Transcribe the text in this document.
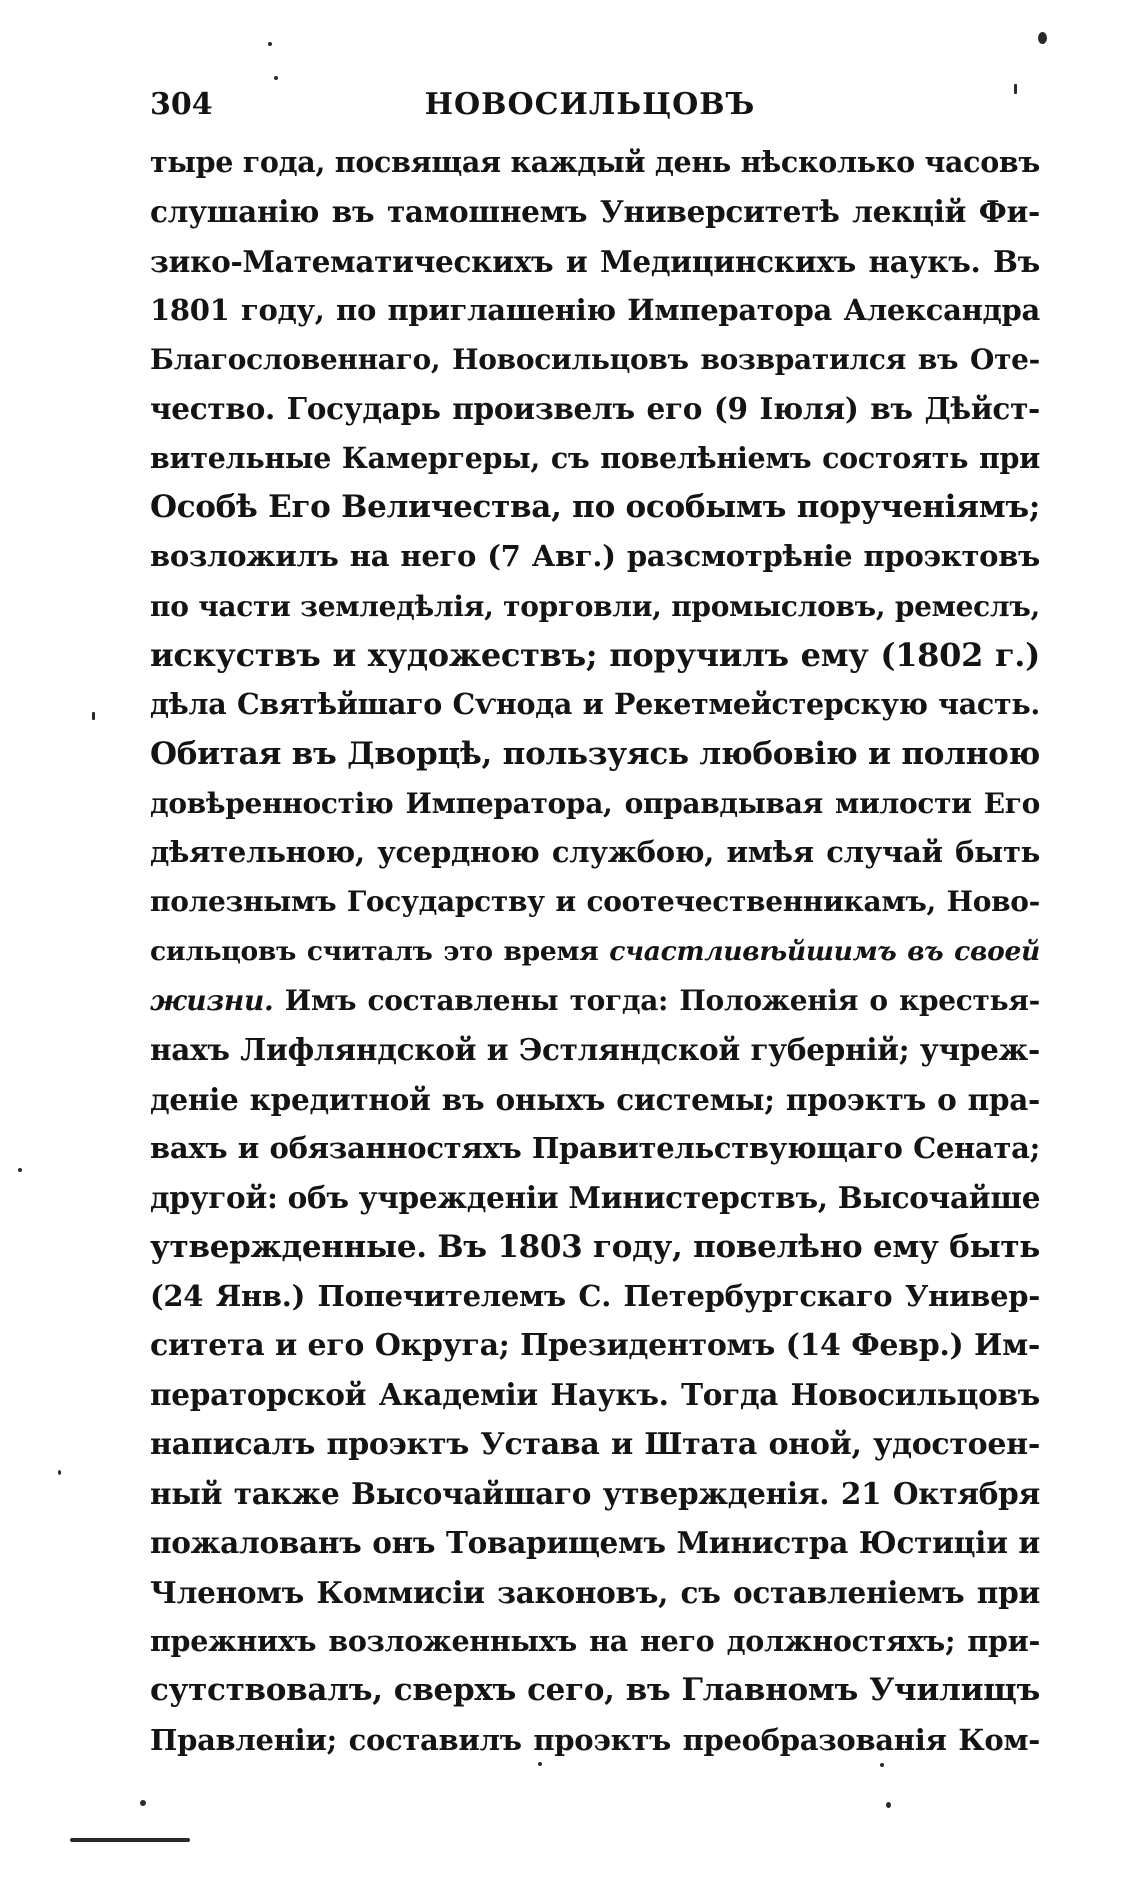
304	НОВОСИЛЬЦОВЪ
тыре года, посвящая каждый день нѣсколько часовъ
слушанію въ тамошнемъ Университетѣ лекцій Фи-
зико-Математическихъ и Медицинскихъ наукъ. Въ
1801 году, по приглашенію Императора Александра
Благословеннаго, Новосильцовъ возвратился въ Оте-
чество. Государь произвелъ его (9 Іюля) въ Дѣйст-
вительные Камергеры, съ повелѣніемъ состоять при
Особѣ Его Величества, по особымъ порученіямъ;
возложилъ на него (7 Авг.) разсмотрѣніе проэктовъ
по части земледѣлія, торговли, промысловъ, ремеслъ,
искуствъ и художествъ; поручилъ ему (1802 г.)
дѣла Святѣйшаго Сѵнода и Рекетмейстерскую часть.
Обитая въ Дворцѣ, пользуясь любовію и полною
довѣренностію Императора, оправдывая милости Его
дѣятельною, усердною службою, имѣя случай быть
полезнымъ Государству и соотечественникамъ, Ново-
сильцовъ считалъ это время счастливѣйшимъ въ своей
жизни. Имъ составлены тогда: Положенія о крестья-
нахъ Лифляндской и Эстляндской губерній; учреж-
деніе кредитной въ оныхъ системы; проэктъ о пра-
вахъ и обязанностяхъ Правительствующаго Сената;
другой: объ учрежденіи Министерствъ, Высочайше
утвержденные. Въ 1803 году, повелѣно ему быть
(24 Янв.) Попечителемъ С. Петербургскаго Универ-
ситета и его Округа; Президентомъ (14 Февр.) Им-
ператорской Академіи Наукъ. Тогда Новосильцовъ
написалъ проэктъ Устава и Штата оной, удостоен-
ный также Высочайшаго утвержденія. 21 Октября
пожалованъ онъ Товарищемъ Министра Юстиціи и
Членомъ Коммисіи законовъ, съ оставленіемъ при
прежнихъ возложенныхъ на него должностяхъ; при-
сутствовалъ, сверхъ сего, въ Главномъ Училищъ
Правленіи; составилъ проэктъ преобразованія Ком-
